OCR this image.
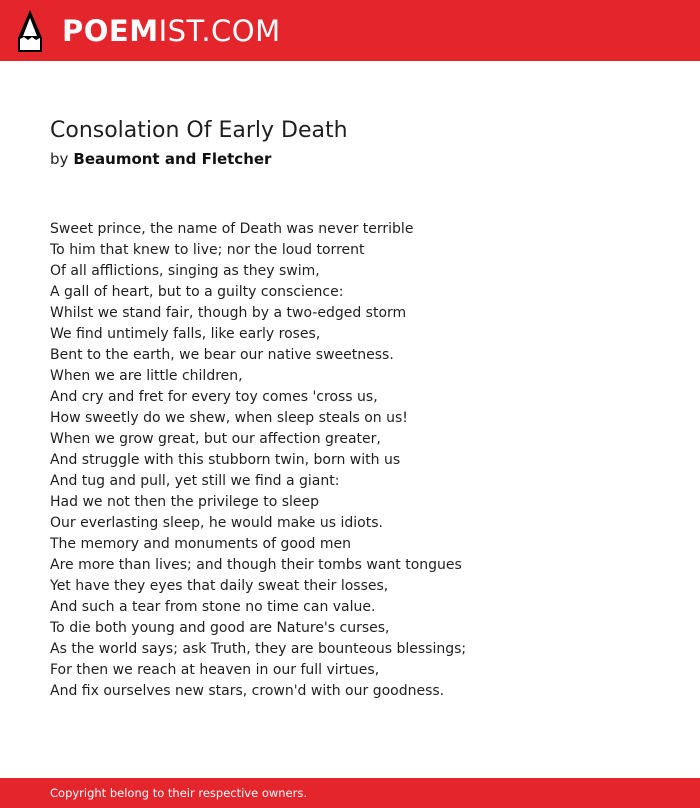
POEMIST.COM
Consolation Of Early Death
by Beaumont and Fletcher
Sweet prince, the name of Death was never terrible
To him that knew to live; nor the loud torrent
Of all afflictions, singing as they swim,
A gall of heart, but to a guilty conscience:
Whilst we stand fair, though by a two-edged storm
We find untimely falls, like early roses,
Bent to the earth, we bear our native sweetness.
When we are little children,
And cry and fret for every toy comes 'cross us,
How sweetly do we shew, when sleep steals on us!
When we grow great, but our affection greater,
And struggle with this stubborn twin, born with us
And tug and pull, yet still we find a giant:
Had we not then the privilege to sleep
Our everlasting sleep, he would make us idiots.
The memory and monuments of good men
Are more than lives; and though their tombs want tongues
Yet have they eyes that daily sweat their losses,
And such a tear from stone no time can value.
To die both young and good are Nature's curses,
As the world says; ask Truth, they are bounteous blessings;
For then we reach at heaven in our full virtues,
And fix ourselves new stars, crown'd with our goodness.
Copyright belong to their respective owners.
